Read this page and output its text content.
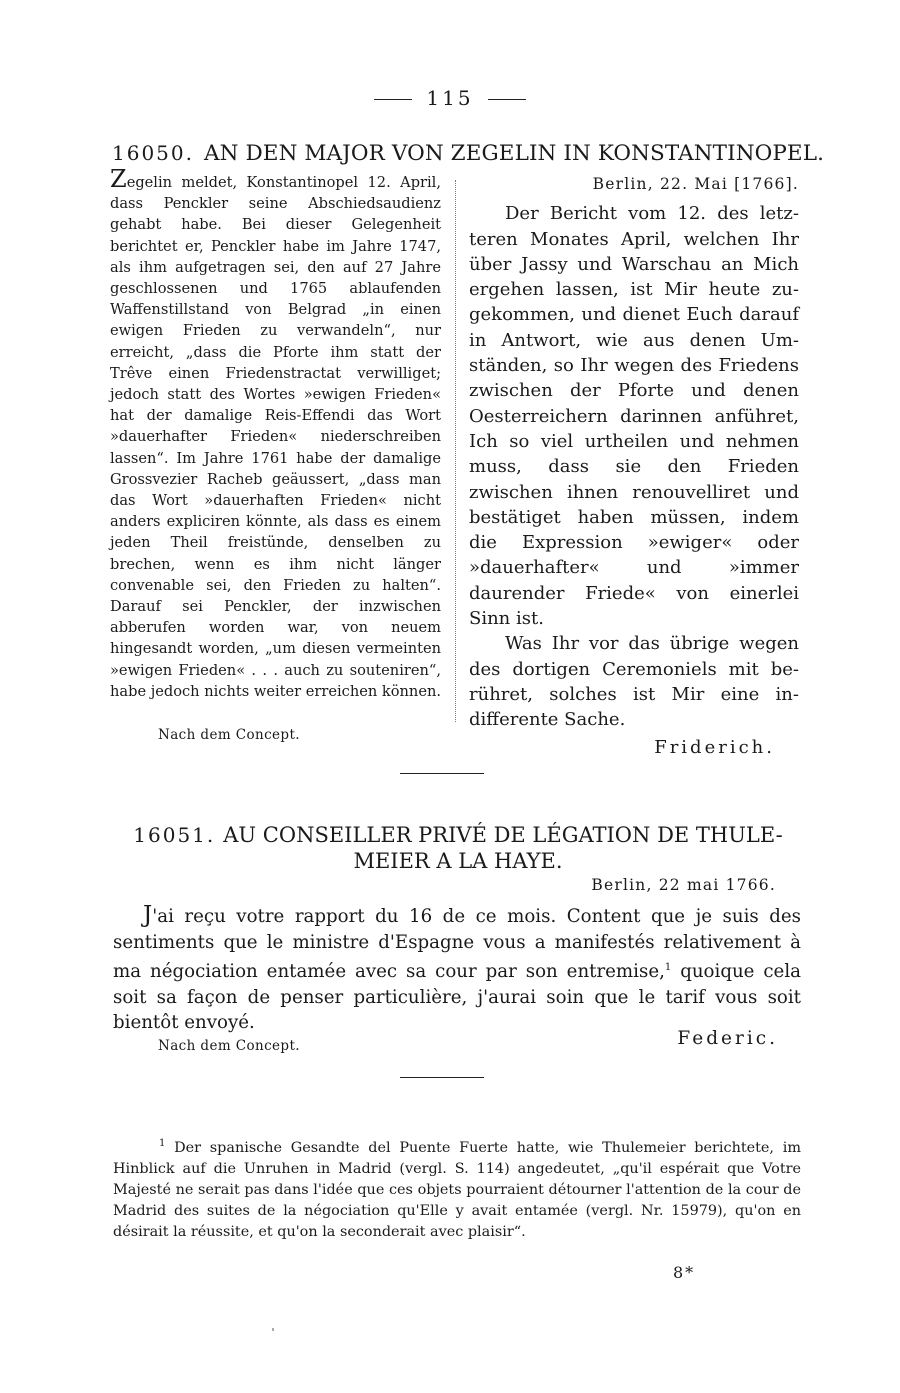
115
16050. AN DEN MAJOR VON ZEGELIN IN KONSTANTINOPEL.
Zegelin meldet, Konstantinopel 12. April, dass Penckler seine Abschiedsaudienz gehabt habe. Bei dieser Gelegenheit berichtet er, Penckler habe im Jahre 1747, als ihm aufgetragen sei, den auf 27 Jahre geschlossenen und 1765 ablaufenden Waffenstillstand von Belgrad „in einen ewigen Frieden zu verwandeln“, nur erreicht, „dass die Pforte ihm statt der Trêve einen Friedenstractat verwilliget; jedoch statt des Wortes »ewigen Frieden« hat der damalige Reis-Effendi das Wort »dauerhafter Frieden« niederschreiben lassen“. Im Jahre 1761 habe der damalige Grossvezier Racheb geäussert, „dass man das Wort »dauerhaften Frieden« nicht anders expliciren könnte, als dass es einem jeden Theil freistünde, denselben zu brechen, wenn es ihm nicht länger convenable sei, den Frieden zu halten“. Darauf sei Penckler, der inzwischen abberufen worden war, von neuem hingesandt worden, „um diesen vermeinten »ewigen Frieden« . . . auch zu souteniren“, habe jedoch nichts weiter erreichen können.
Berlin, 22. Mai [1766].

Der Bericht vom 12. des letzteren Monates April, welchen Ihr über Jassy und Warschau an Mich ergehen lassen, ist Mir heute zugekommen, und dienet Euch darauf in Antwort, wie aus denen Umständen, so Ihr wegen des Friedens zwischen der Pforte und denen Oesterreichern darinnen anführet, Ich so viel urtheilen und nehmen muss, dass sie den Frieden zwischen ihnen renouvelliret und bestätiget haben müssen, indem die Expression »ewiger« oder »dauerhafter« und »immer daurender Friede« von einerlei Sinn ist.

Was Ihr vor das übrige wegen des dortigen Ceremoniels mit berühret, solches ist Mir eine indifferente Sache.

Friderich.
Nach dem Concept.
16051. AU CONSEILLER PRIVÉ DE LÉGATION DE THULE-
MEIER A LA HAYE.
Berlin, 22 mai 1766.

J'ai reçu votre rapport du 16 de ce mois. Content que je suis des sentiments que le ministre d'Espagne vous a manifestés relativement à ma négociation entamée avec sa cour par son entremise,$^1$ quoique cela soit sa façon de penser particulière, j'aurai soin que le tarif vous soit bientôt envoyé.

Nach dem Concept.	Federic.

$^1$ Der spanische Gesandte del Puente Fuerte hatte, wie Thulemeier berichtete, im Hinblick auf die Unruhen in Madrid (vergl. S. 114) angedeutet, „qu'il espérait que Votre Majesté ne serait pas dans l'idée que ces objets pourraient détourner l'attention de la cour de Madrid des suites de la négociation qu'Elle y avait entamée (vergl. Nr. 15979), qu'on en désirait la réussite, et qu'on la seconderait avec plaisir“.

8*
